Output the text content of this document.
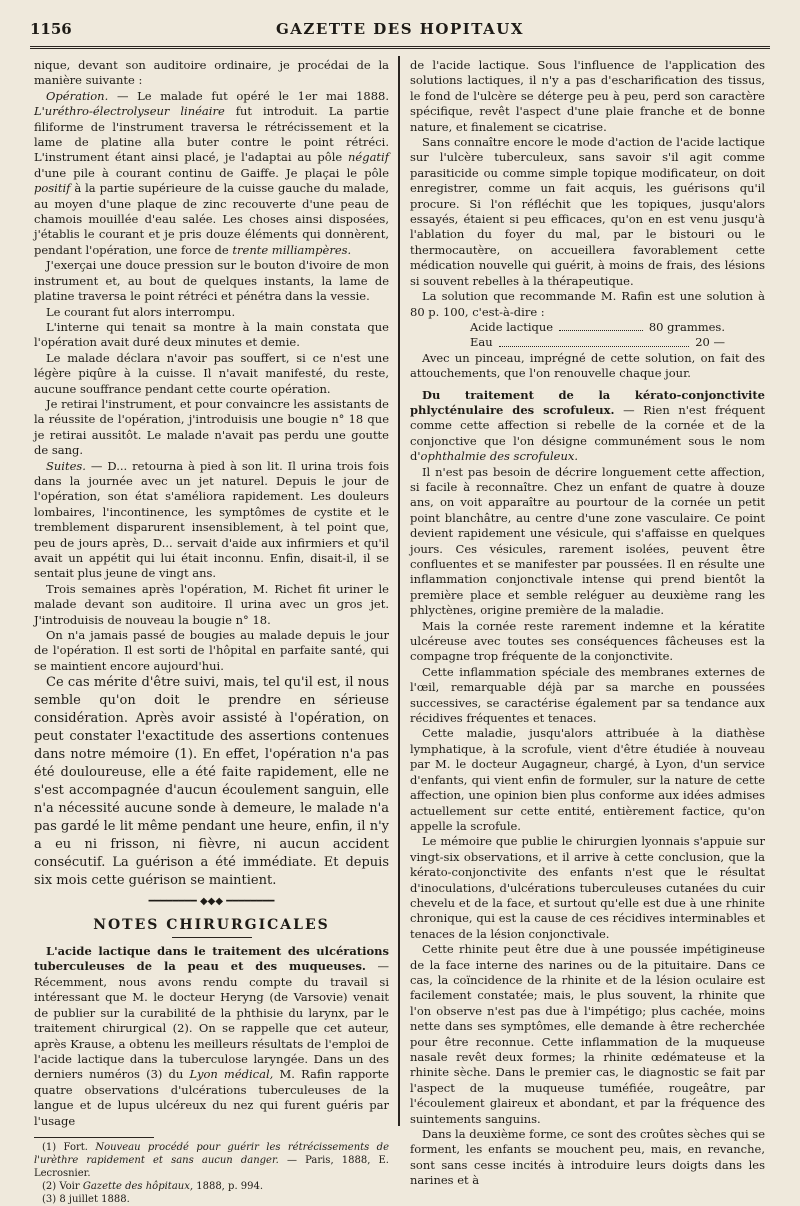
1156	GAZETTE DES HOPITAUX

nique, devant son auditoire ordinaire, je procédai de la manière suivante :

Opération. — Le malade fut opéré le 1er mai 1888. L'uréthro-électrolyseur linéaire fut introduit. La partie filiforme de l'instrument traversa le rétrécissement et la lame de platine alla buter contre le point rétréci. L'instrument étant ainsi placé, je l'adaptai au pôle négatif d'une pile à courant continu de Gaiffe. Je plaçai le pôle positif à la partie supérieure de la cuisse gauche du malade, au moyen d'une plaque de zinc recouverte d'une peau de chamois mouillée d'eau salée. Les choses ainsi disposées, j'établis le courant et je pris douze éléments qui donnèrent, pendant l'opération, une force de trente milliampères.

J'exerçai une douce pression sur le bouton d'ivoire de mon instrument et, au bout de quelques instants, la lame de platine traversa le point rétréci et pénétra dans la vessie.

Le courant fut alors interrompu.

L'interne qui tenait sa montre à la main constata que l'opération avait duré deux minutes et demie.

Le malade déclara n'avoir pas souffert, si ce n'est une légère piqûre à la cuisse. Il n'avait manifesté, du reste, aucune souffrance pendant cette courte opération.

Je retirai l'instrument, et pour convaincre les assistants de la réussite de l'opération, j'introduisis une bougie n° 18 que je retirai aussitôt. Le malade n'avait pas perdu une goutte de sang.

Suites. — D... retourna à pied à son lit. Il urina trois fois dans la journée avec un jet naturel. Depuis le jour de l'opération, son état s'améliora rapidement. Les douleurs lombaires, l'incontinence, les symptômes de cystite et le tremblement disparurent insensiblement, à tel point que, peu de jours après, D... servait d'aide aux infirmiers et qu'il avait un appétit qui lui était inconnu. Enfin, disait-il, il se sentait plus jeune de vingt ans.

Trois semaines après l'opération, M. Richet fit uriner le malade devant son auditoire. Il urina avec un gros jet. J'introduisis de nouveau la bougie n° 18.

On n'a jamais passé de bougies au malade depuis le jour de l'opération. Il est sorti de l'hôpital en parfaite santé, qui se maintient encore aujourd'hui.

Ce cas mérite d'être suivi, mais, tel qu'il est, il nous semble qu'on doit le prendre en sérieuse considération. Après avoir assisté à l'opération, on peut constater l'exactitude des assertions contenues dans notre mémoire (1). En effet, l'opération n'a pas été douloureuse, elle a été faite rapidement, elle ne s'est accompagnée d'aucun écoulement sanguin, elle n'a nécessité aucune sonde à demeure, le malade n'a pas gardé le lit même pendant une heure, enfin, il n'y a eu ni frisson, ni fièvre, ni aucun accident consécutif. La guérison a été immédiate. Et depuis six mois cette guérison se maintient.

━━━━━━━━ ◆◆◆ ━━━━━━━━
NOTES CHIRURGICALES

L'acide lactique dans le traitement des ulcérations tuberculeuses de la peau et des muqueuses. — Récemment, nous avons rendu compte du travail si intéressant que M. le docteur Heryng (de Varsovie) venait de publier sur la curabilité de la phthisie du larynx, par le traitement chirurgical (2). On se rappelle que cet auteur, après Krause, a obtenu les meilleurs résultats de l'emploi de l'acide lactique dans la tuberculose laryngée. Dans un des derniers numéros (3) du Lyon médical, M. Rafin rapporte quatre observations d'ulcérations tuberculeuses de la langue et de lupus ulcéreux du nez qui furent guéris par l'usage

(1) Fort. Nouveau procédé pour guérir les rétrécissements de l'urèthre rapidement et sans aucun danger. — Paris, 1888, E. Lecrosnier.

(2) Voir Gazette des hôpitaux, 1888, p. 994.

(3) 8 juillet 1888.

de l'acide lactique. Sous l'influence de l'application des solutions lactiques, il n'y a pas d'escharification des tissus, le fond de l'ulcère se déterge peu à peu, perd son caractère spécifique, revêt l'aspect d'une plaie franche et de bonne nature, et finalement se cicatrise.

Sans connaître encore le mode d'action de l'acide lactique sur l'ulcère tuberculeux, sans savoir s'il agit comme parasiticide ou comme simple topique modificateur, on doit enregistrer, comme un fait acquis, les guérisons qu'il procure. Si l'on réfléchit que les topiques, jusqu'alors essayés, étaient si peu efficaces, qu'on en est venu jusqu'à l'ablation du foyer du mal, par le bistouri ou le thermocautère, on accueillera favorablement cette médication nouvelle qui guérit, à moins de frais, des lésions si souvent rebelles à la thérapeutique.

La solution que recommande M. Rafin est une solution à 80 p. 100, c'est-à-dire :

Acide lactique	80 grammes.
Eau	20 —

Avec un pinceau, imprégné de cette solution, on fait des attouchements, que l'on renouvelle chaque jour.

Du traitement de la kérato-conjonctivite phlycténulaire des scrofuleux. — Rien n'est fréquent comme cette affection si rebelle de la cornée et de la conjonctive que l'on désigne communément sous le nom d'ophthalmie des scrofuleux.

Il n'est pas besoin de décrire longuement cette affection, si facile à reconnaître. Chez un enfant de quatre à douze ans, on voit apparaître au pourtour de la cornée un petit point blanchâtre, au centre d'une zone vasculaire. Ce point devient rapidement une vésicule, qui s'affaisse en quelques jours. Ces vésicules, rarement isolées, peuvent être confluentes et se manifester par poussées. Il en résulte une inflammation conjonctivale intense qui prend bientôt la première place et semble reléguer au deuxième rang les phlyctènes, origine première de la maladie.

Mais la cornée reste rarement indemne et la kératite ulcéreuse avec toutes ses conséquences fâcheuses est la compagne trop fréquente de la conjonctivite.

Cette inflammation spéciale des membranes externes de l'œil, remarquable déjà par sa marche en poussées successives, se caractérise également par sa tendance aux récidives fréquentes et tenaces.

Cette maladie, jusqu'alors attribuée à la diathèse lymphatique, à la scrofule, vient d'être étudiée à nouveau par M. le docteur Augagneur, chargé, à Lyon, d'un service d'enfants, qui vient enfin de formuler, sur la nature de cette affection, une opinion bien plus conforme aux idées admises actuellement sur cette entité, entièrement factice, qu'on appelle la scrofule.

Le mémoire que publie le chirurgien lyonnais s'appuie sur vingt-six observations, et il arrive à cette conclusion, que la kérato-conjonctivite des enfants n'est que le résultat d'inoculations, d'ulcérations tuberculeuses cutanées du cuir chevelu et de la face, et surtout qu'elle est due à une rhinite chronique, qui est la cause de ces récidives interminables et tenaces de la lésion conjonctivale.

Cette rhinite peut être due à une poussée impétigineuse de la face interne des narines ou de la pituitaire. Dans ce cas, la coïncidence de la rhinite et de la lésion oculaire est facilement constatée; mais, le plus souvent, la rhinite que l'on observe n'est pas due à l'impétigo; plus cachée, moins nette dans ses symptômes, elle demande à être recherchée pour être reconnue. Cette inflammation de la muqueuse nasale revêt deux formes; la rhinite œdémateuse et la rhinite sèche. Dans le premier cas, le diagnostic se fait par l'aspect de la muqueuse tuméfiée, rougeâtre, par l'écoulement glaireux et abondant, et par la fréquence des suintements sanguins.

Dans la deuxième forme, ce sont des croûtes sèches qui se forment, les enfants se mouchent peu, mais, en revanche, sont sans cesse incités à introduire leurs doigts dans les narines et à
